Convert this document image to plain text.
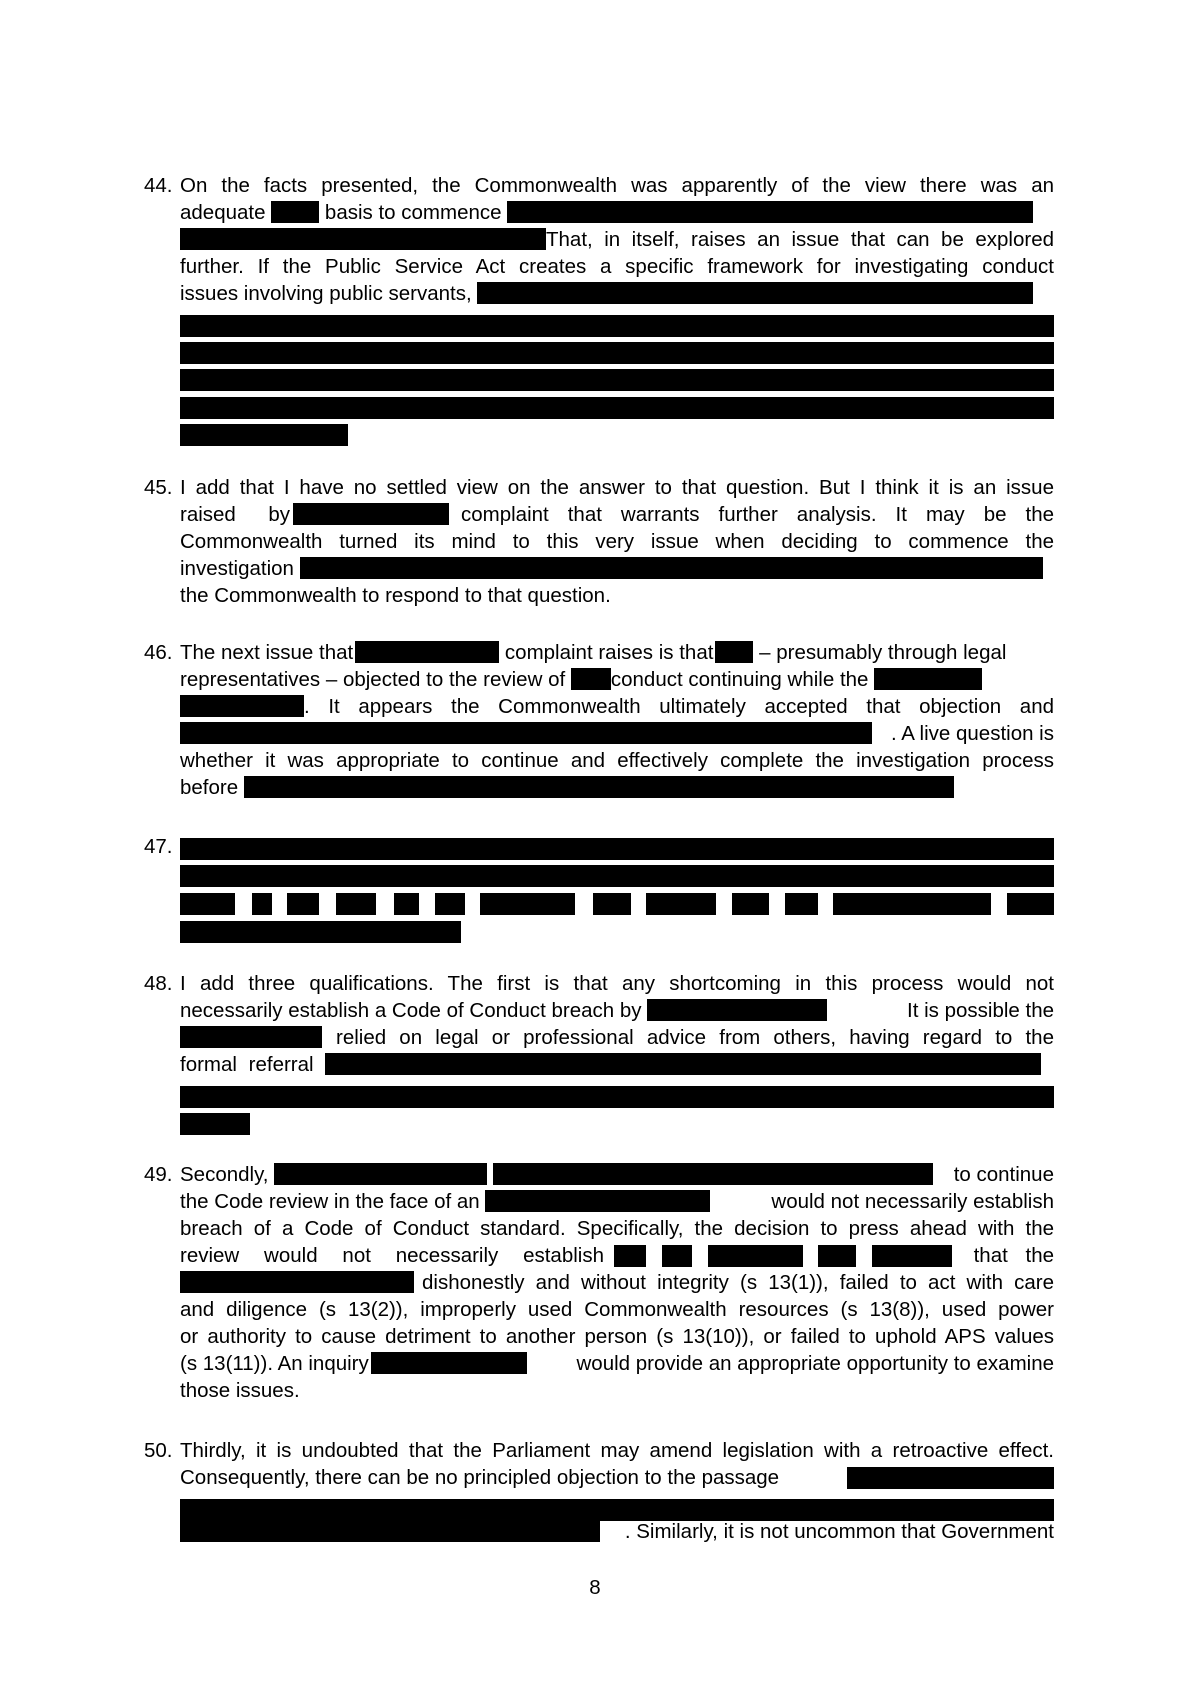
44. On the facts presented, the Commonwealth was apparently of the view there was an
adequate	basis to commence
That, in itself, raises an issue that can be explored
further. If the Public Service Act creates a specific framework for investigating conduct
issues involving public servants,
45. I add that I have no settled view on the answer to that question. But I think it is an issue
raised by	complaint that warrants further analysis. It may be the
Commonwealth turned its mind to this very issue when deciding to commence the
investigation
the Commonwealth to respond to that question.
46. The next issue that	complaint raises is that – presumably through legal
representatives – objected to the review of conduct continuing while the
. It appears the Commonwealth ultimately accepted that objection and
. A live question is
whether it was appropriate to continue and effectively complete the investigation process
before
47.
48. I add three qualifications. The first is that any shortcoming in this process would not
necessarily establish a Code of Conduct breach by	It is possible the
relied on legal or professional advice from others, having regard to the
formal referral
49. Secondly,	to continue
the Code review in the face of an	would not necessarily establish
breach of a Code of Conduct standard. Specifically, the decision to press ahead with the
review would not necessarily establish	that the
dishonestly and without integrity (s 13(1)), failed to act with care
and diligence (s 13(2)), improperly used Commonwealth resources (s 13(8)), used power
or authority to cause detriment to another person (s 13(10)), or failed to uphold APS values
(s 13(11)). An inquiry	would provide an appropriate opportunity to examine
those issues.
50. Thirdly, it is undoubted that the Parliament may amend legislation with a retroactive effect.
Consequently, there can be no principled objection to the passage
. Similarly, it is not uncommon that Government
8
